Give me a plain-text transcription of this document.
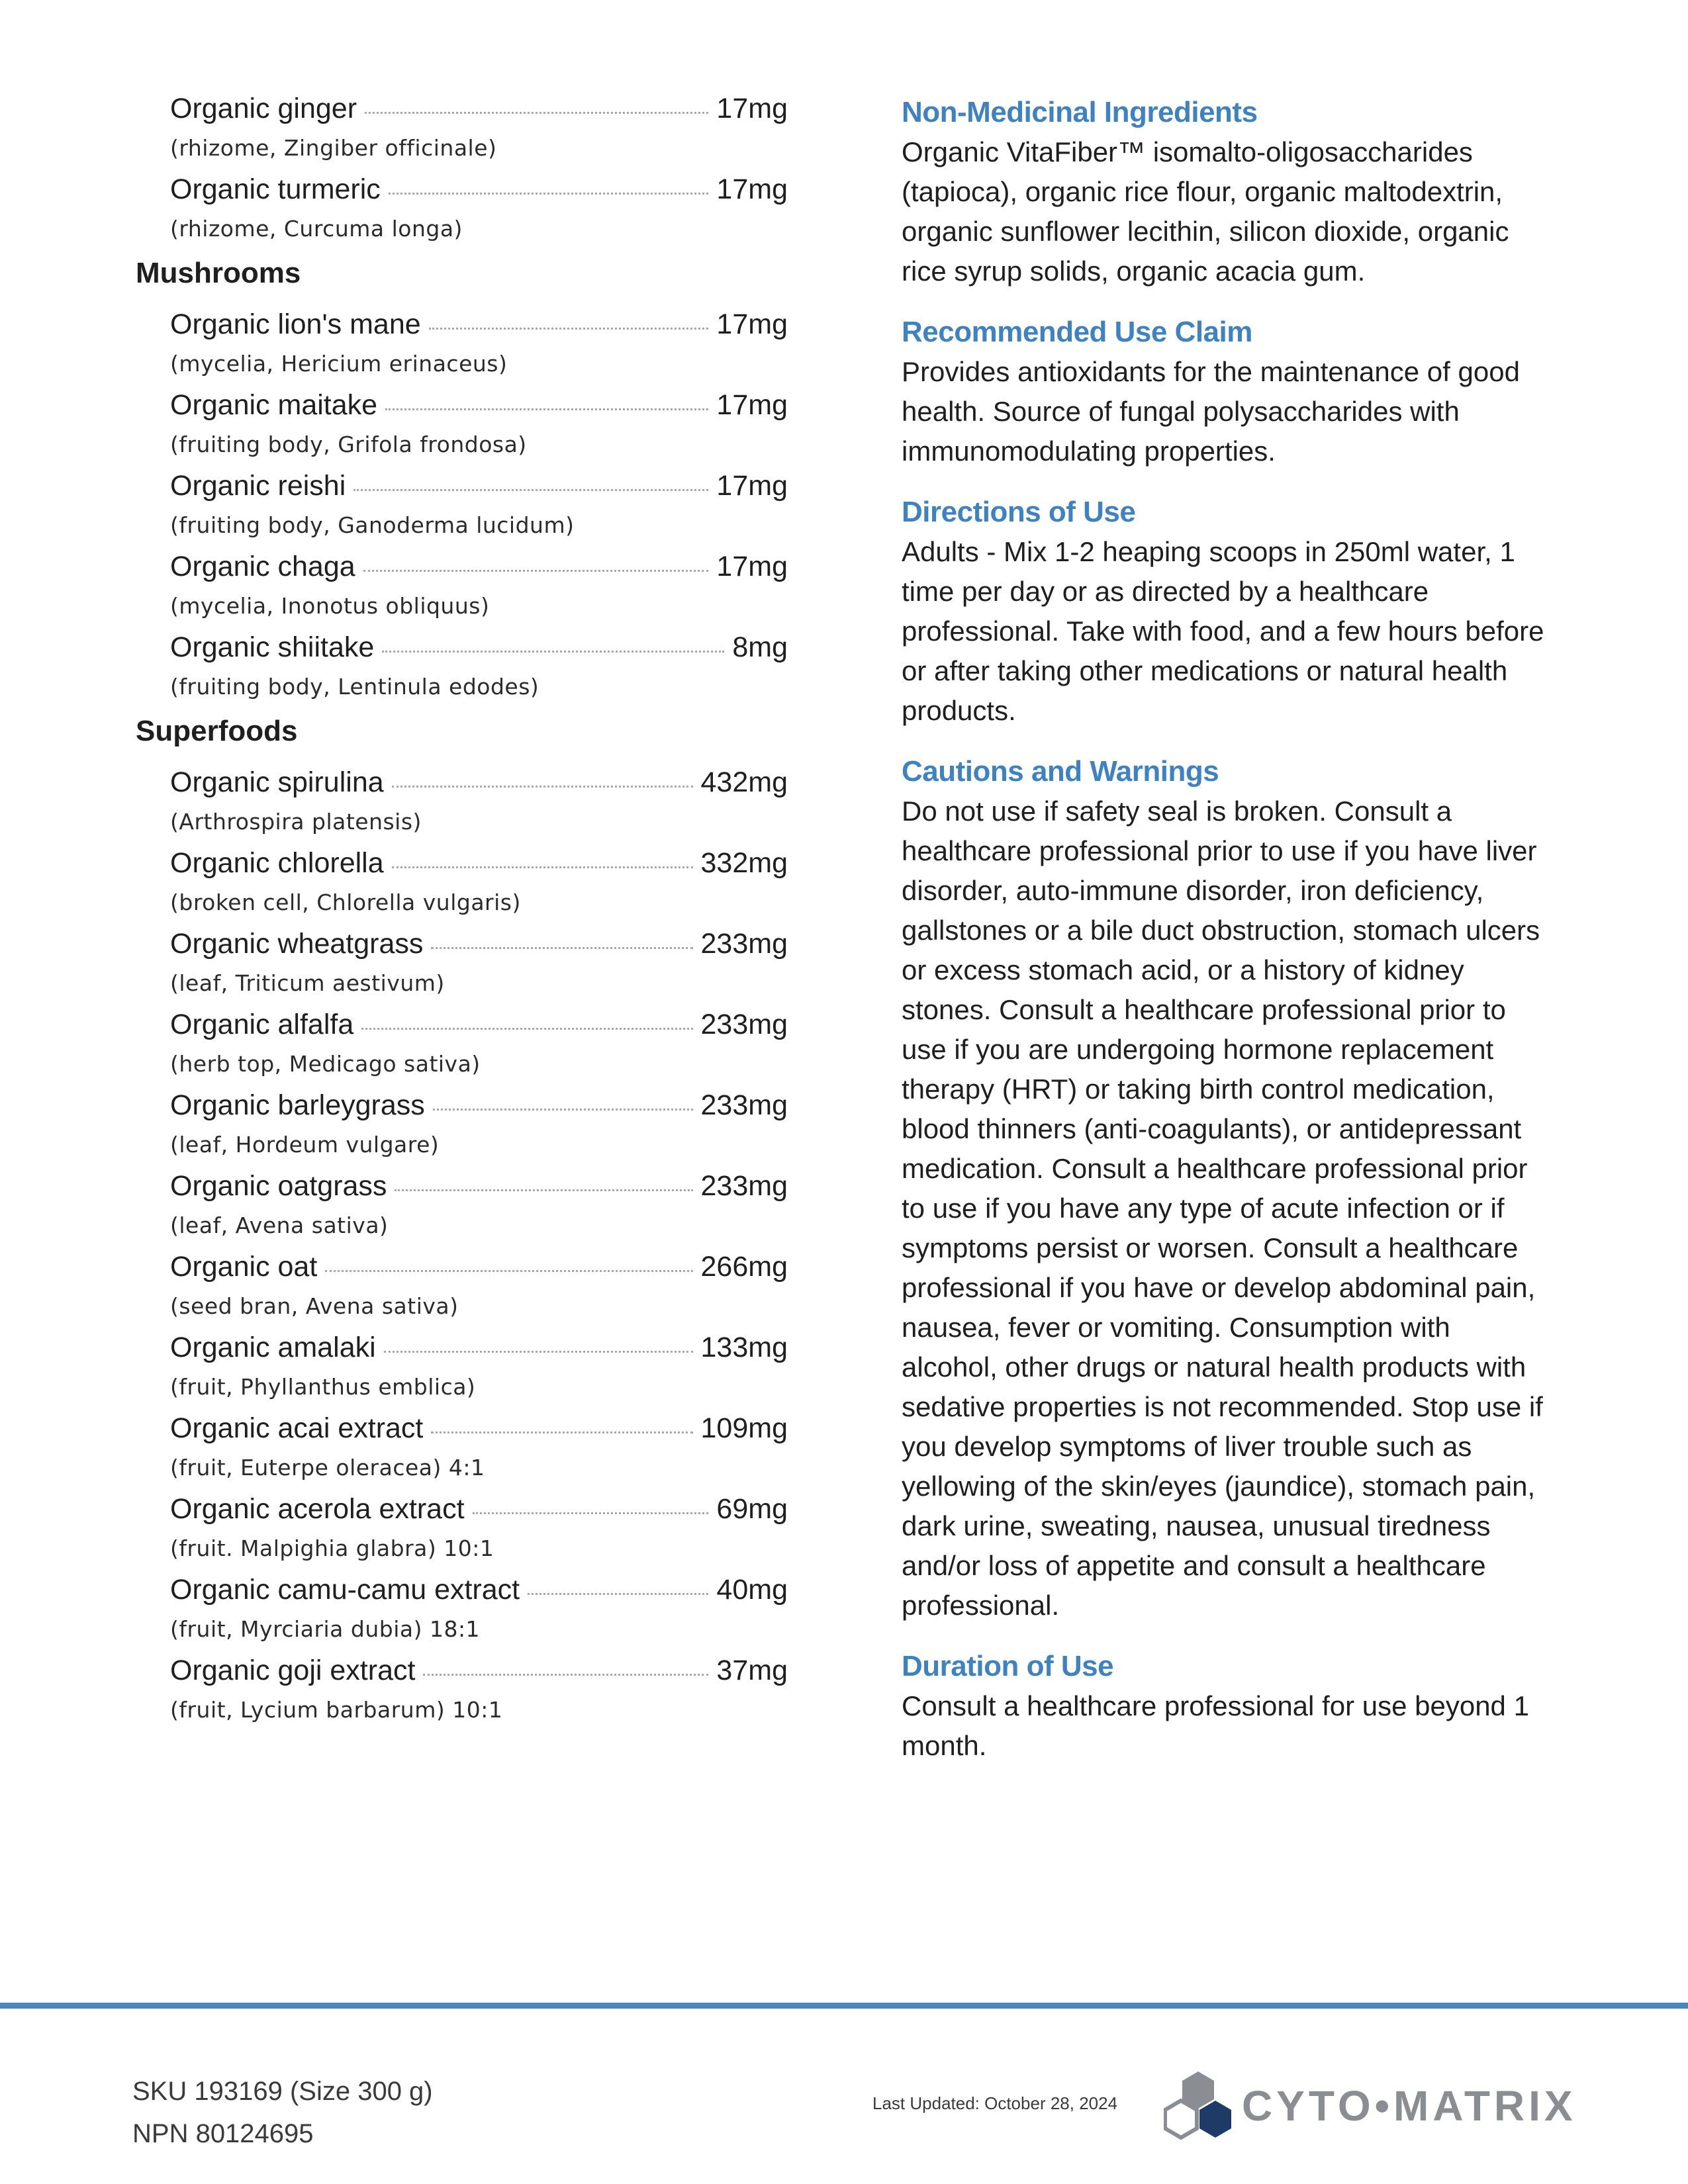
Organic ginger	17mg
(rhizome, Zingiber officinale)
Organic turmeric	17mg
(rhizome, Curcuma longa)
Mushrooms
Organic lion's mane	17mg
(mycelia, Hericium erinaceus)
Organic maitake	17mg
(fruiting body, Grifola frondosa)
Organic reishi	17mg
(fruiting body, Ganoderma lucidum)
Organic chaga	17mg
(mycelia, Inonotus obliquus)
Organic shiitake	8mg
(fruiting body, Lentinula edodes)
Superfoods
Organic spirulina	432mg
(Arthrospira platensis)
Organic chlorella	332mg
(broken cell, Chlorella vulgaris)
Organic wheatgrass	233mg
(leaf, Triticum aestivum)
Organic alfalfa	233mg
(herb top, Medicago sativa)
Organic barleygrass	233mg
(leaf, Hordeum vulgare)
Organic oatgrass	233mg
(leaf, Avena sativa)
Organic oat	266mg
(seed bran, Avena sativa)
Organic amalaki	133mg
(fruit, Phyllanthus emblica)
Organic acai extract	109mg
(fruit, Euterpe oleracea) 4:1
Organic acerola extract	69mg
(fruit. Malpighia glabra) 10:1
Organic camu-camu extract	40mg
(fruit, Myrciaria dubia) 18:1
Organic goji extract	37mg
(fruit, Lycium barbarum) 10:1
Non-Medicinal Ingredients

Organic VitaFiber™ isomalto-oligosaccharides (tapioca), organic rice flour, organic maltodextrin, organic sunflower lecithin, silicon dioxide, organic rice syrup solids, organic acacia gum.

Recommended Use Claim

Provides antioxidants for the maintenance of good health. Source of fungal polysaccharides with immunomodulating properties.

Directions of Use

Adults - Mix 1-2 heaping scoops in 250ml water, 1 time per day or as directed by a healthcare professional. Take with food, and a few hours before or after taking other medications or natural health products.

Cautions and Warnings

Do not use if safety seal is broken. Consult a healthcare professional prior to use if you have liver disorder, auto-immune disorder, iron deficiency, gallstones or a bile duct obstruction, stomach ulcers or excess stomach acid, or a history of kidney stones. Consult a healthcare professional prior to use if you are undergoing hormone replacement therapy (HRT) or taking birth control medication, blood thinners (anti-coagulants), or antidepressant medication. Consult a healthcare professional prior to use if you have any type of acute infection or if symptoms persist or worsen. Consult a healthcare professional if you have or develop abdominal pain, nausea, fever or vomiting. Consumption with alcohol, other drugs or natural health products with sedative properties is not recommended. Stop use if you develop symptoms of liver trouble such as yellowing of the skin/eyes (jaundice), stomach pain, dark urine, sweating, nausea, unusual tiredness and/or loss of appetite and consult a healthcare professional.

Duration of Use

Consult a healthcare professional for use beyond 1 month.

SKU 193169 (Size 300 g)
NPN 80124695
Last Updated: October 28, 2024	CYTO•MATRIX
